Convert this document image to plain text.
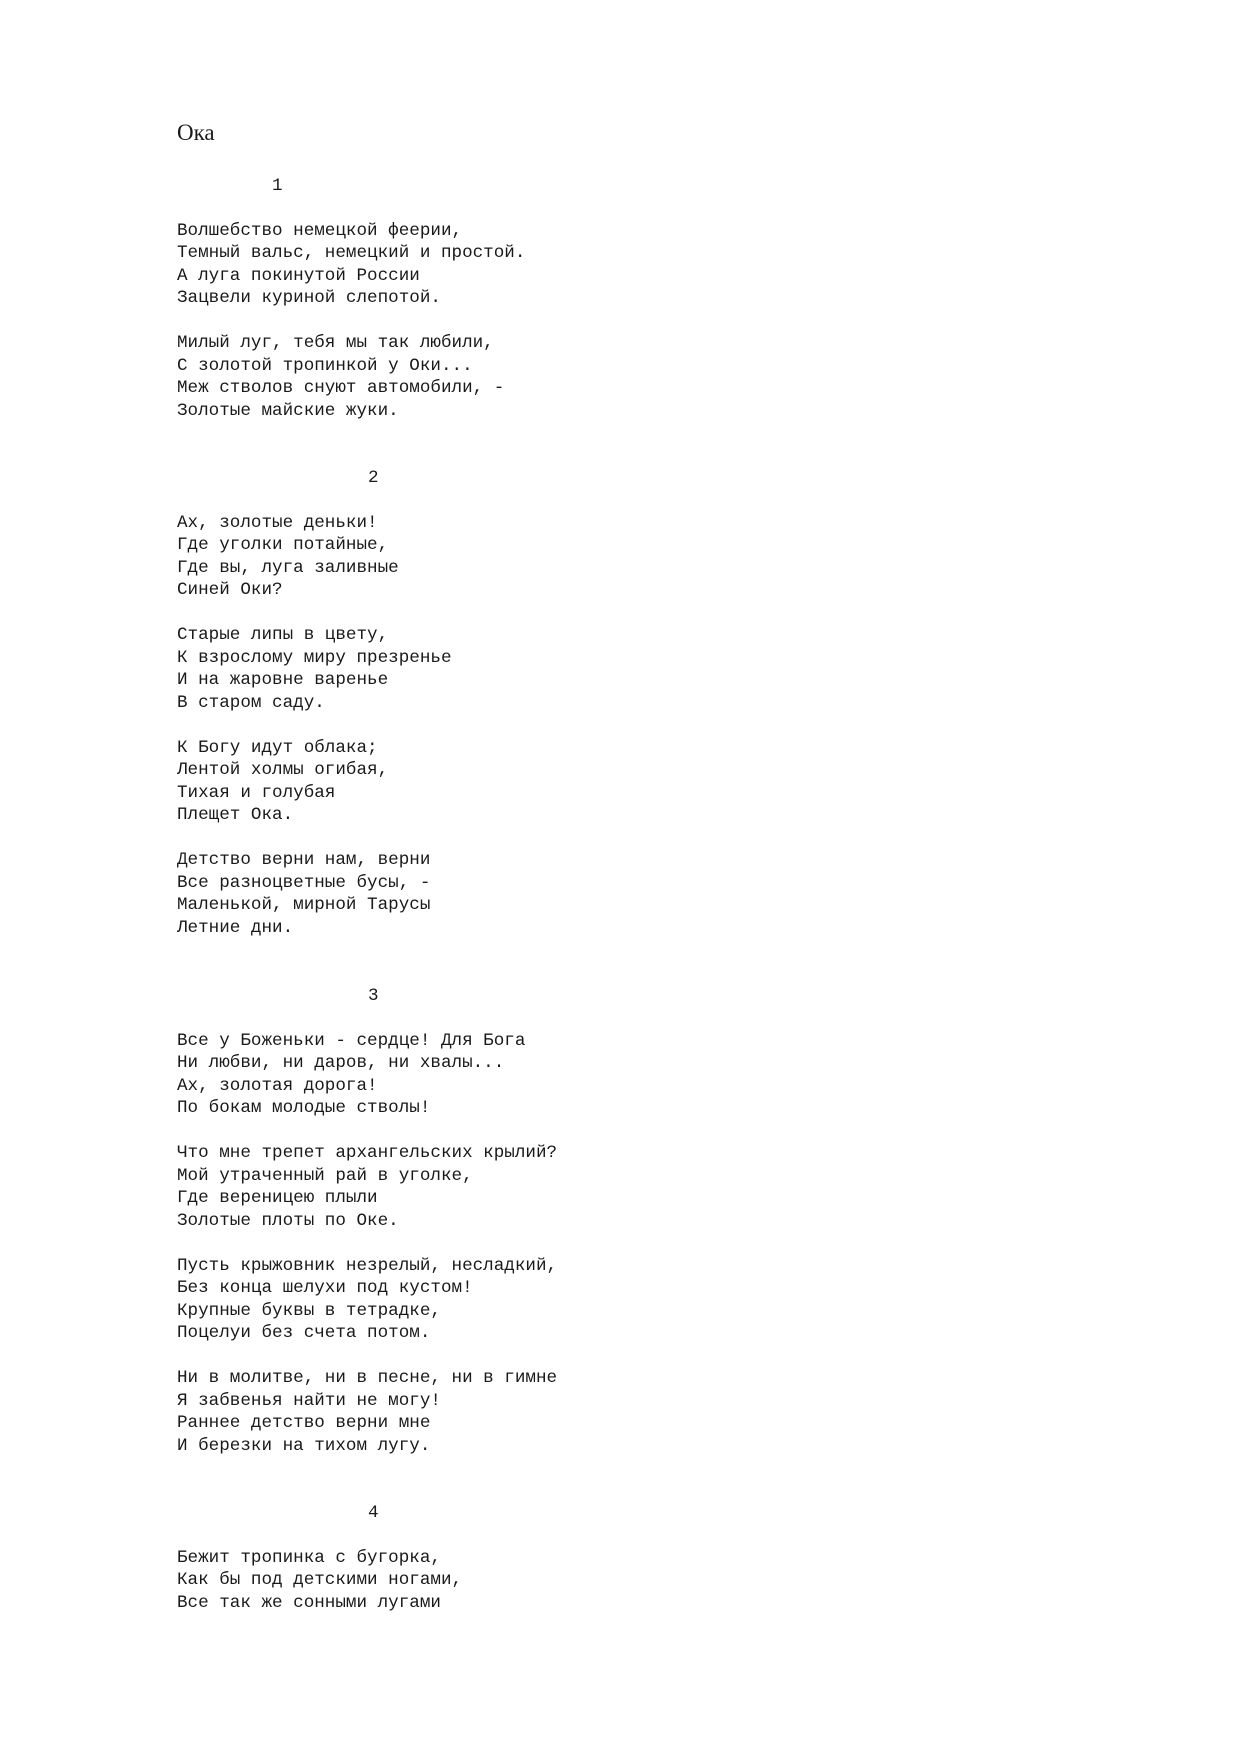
Ока
1
Волшебство немецкой феерии,
Темный вальс, немецкий и простой.
А луга покинутой России
Зацвели куриной слепотой.
Милый луг, тебя мы так любили,
С золотой тропинкой у Оки...
Меж стволов снуют автомобили, -
Золотые майские жуки.
2
Ах, золотые деньки!
Где уголки потайные,
Где вы, луга заливные
Синей Оки?
Старые липы в цвету,
К взрослому миру презренье
И на жаровне варенье
В старом саду.
К Богу идут облака;
Лентой холмы огибая,
Тихая и голубая
Плещет Ока.
Детство верни нам, верни
Все разноцветные бусы, -
Маленькой, мирной Тарусы
Летние дни.
3
Все у Боженьки - сердце! Для Бога
Ни любви, ни даров, ни хвалы...
Ах, золотая дорога!
По бокам молодые стволы!
Что мне трепет архангельских крылий?
Мой утраченный рай в уголке,
Где вереницею плыли
Золотые плоты по Оке.
Пусть крыжовник незрелый, несладкий,
Без конца шелухи под кустом!
Крупные буквы в тетрадке,
Поцелуи без счета потом.
Ни в молитве, ни в песне, ни в гимне
Я забвенья найти не могу!
Раннее детство верни мне
И березки на тихом лугу.
4
Бежит тропинка с бугорка,
Как бы под детскими ногами,
Все так же сонными лугами
